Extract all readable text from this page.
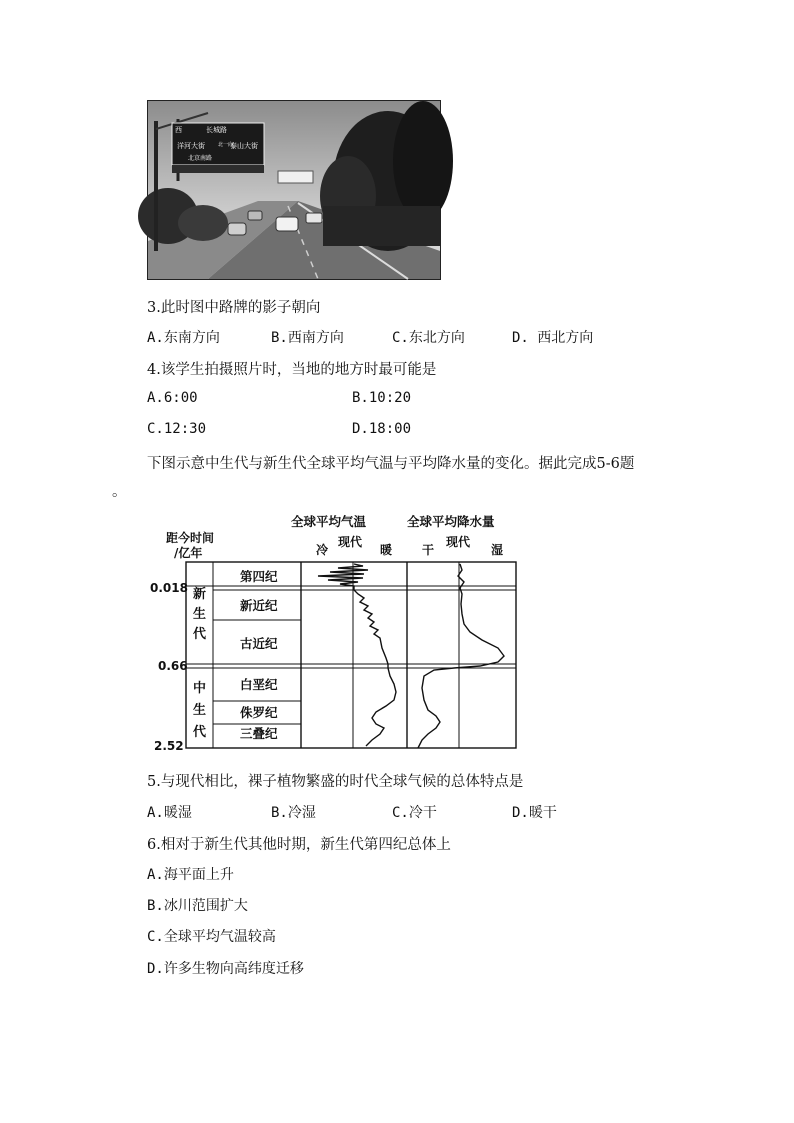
西	长城路
洋河大街	北一向
泰山大街
北京南路
3.此时图中路牌的影子朝向
A.东南方向	B.西南方向	C.东北方向	D. 西北方向
4.该学生拍摄照片时，当地的地方时最可能是
A.6:00	B.10:20
C.12:30	D.18:00
下图示意中生代与新生代全球平均气温与平均降水量的变化。据此完成5-6题
。
距今时间
/亿年
全球平均气温
现代
冷	暖
全球平均降水量
现代
干	湿
0.018
0.66
2.52
新
生
代
中
生
代
第四纪
新近纪
古近纪
白垩纪
侏罗纪
三叠纪
5.与现代相比，裸子植物繁盛的时代全球气候的总体特点是
A.暖湿	B.冷湿	C.冷干	D.暖干
6.相对于新生代其他时期，新生代第四纪总体上
A.海平面上升
B.冰川范围扩大
C.全球平均气温较高
D.许多生物向高纬度迁移
